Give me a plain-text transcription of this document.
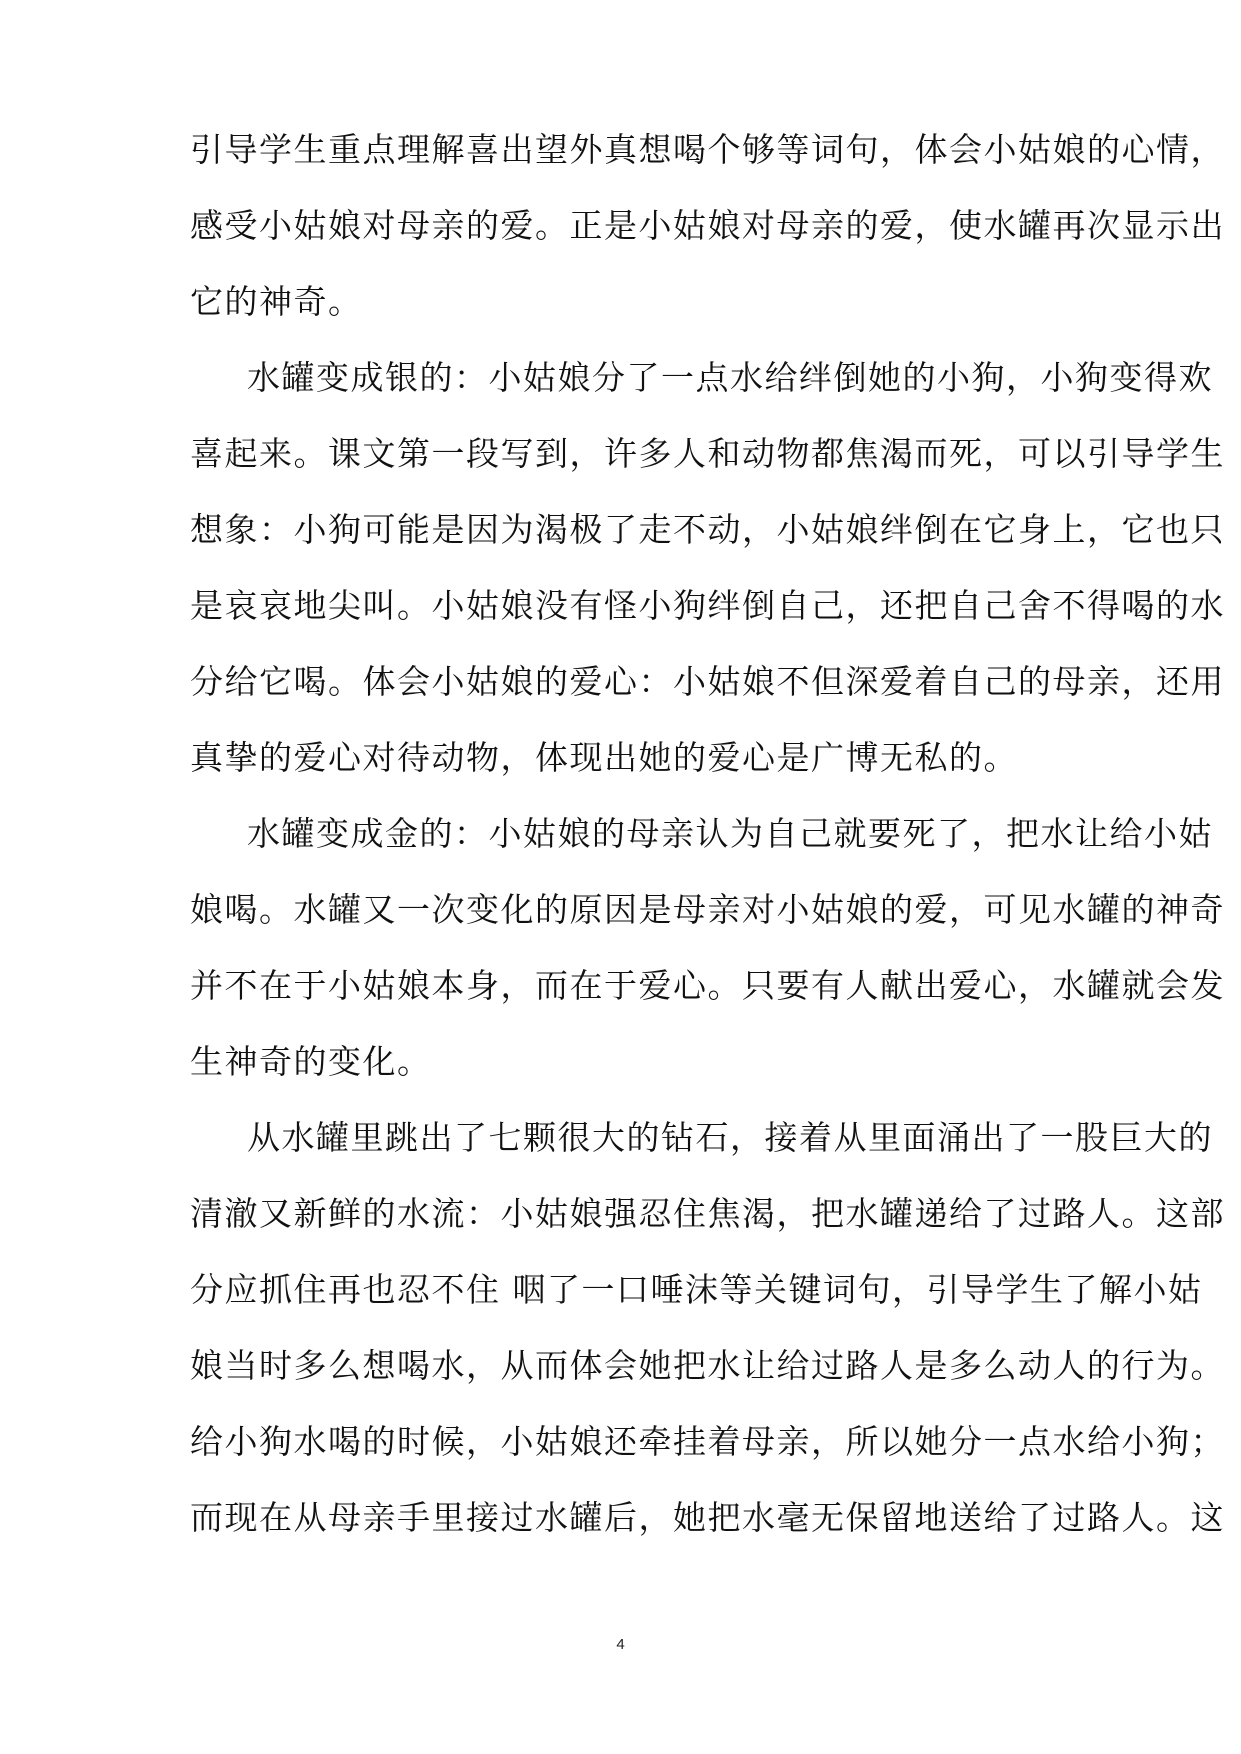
引导学生重点理解喜出望外真想喝个够等词句，体会小姑娘的心情，
感受小姑娘对母亲的爱。正是小姑娘对母亲的爱，使水罐再次显示出
它的神奇。
水罐变成银的：小姑娘分了一点水给绊倒她的小狗，小狗变得欢
喜起来。课文第一段写到，许多人和动物都焦渴而死，可以引导学生
想象：小狗可能是因为渴极了走不动，小姑娘绊倒在它身上，它也只
是哀哀地尖叫。小姑娘没有怪小狗绊倒自己，还把自己舍不得喝的水
分给它喝。体会小姑娘的爱心：小姑娘不但深爱着自己的母亲，还用
真挚的爱心对待动物，体现出她的爱心是广博无私的。
水罐变成金的：小姑娘的母亲认为自己就要死了，把水让给小姑
娘喝。水罐又一次变化的原因是母亲对小姑娘的爱，可见水罐的神奇
并不在于小姑娘本身，而在于爱心。只要有人献出爱心，水罐就会发
生神奇的变化。
从水罐里跳出了七颗很大的钻石，接着从里面涌出了一股巨大的
清澈又新鲜的水流：小姑娘强忍住焦渴，把水罐递给了过路人。这部
分应抓住再也忍不住 咽了一口唾沫等关键词句，引导学生了解小姑
娘当时多么想喝水，从而体会她把水让给过路人是多么动人的行为。
给小狗水喝的时候，小姑娘还牵挂着母亲，所以她分一点水给小狗；
而现在从母亲手里接过水罐后，她把水毫无保留地送给了过路人。这
4
